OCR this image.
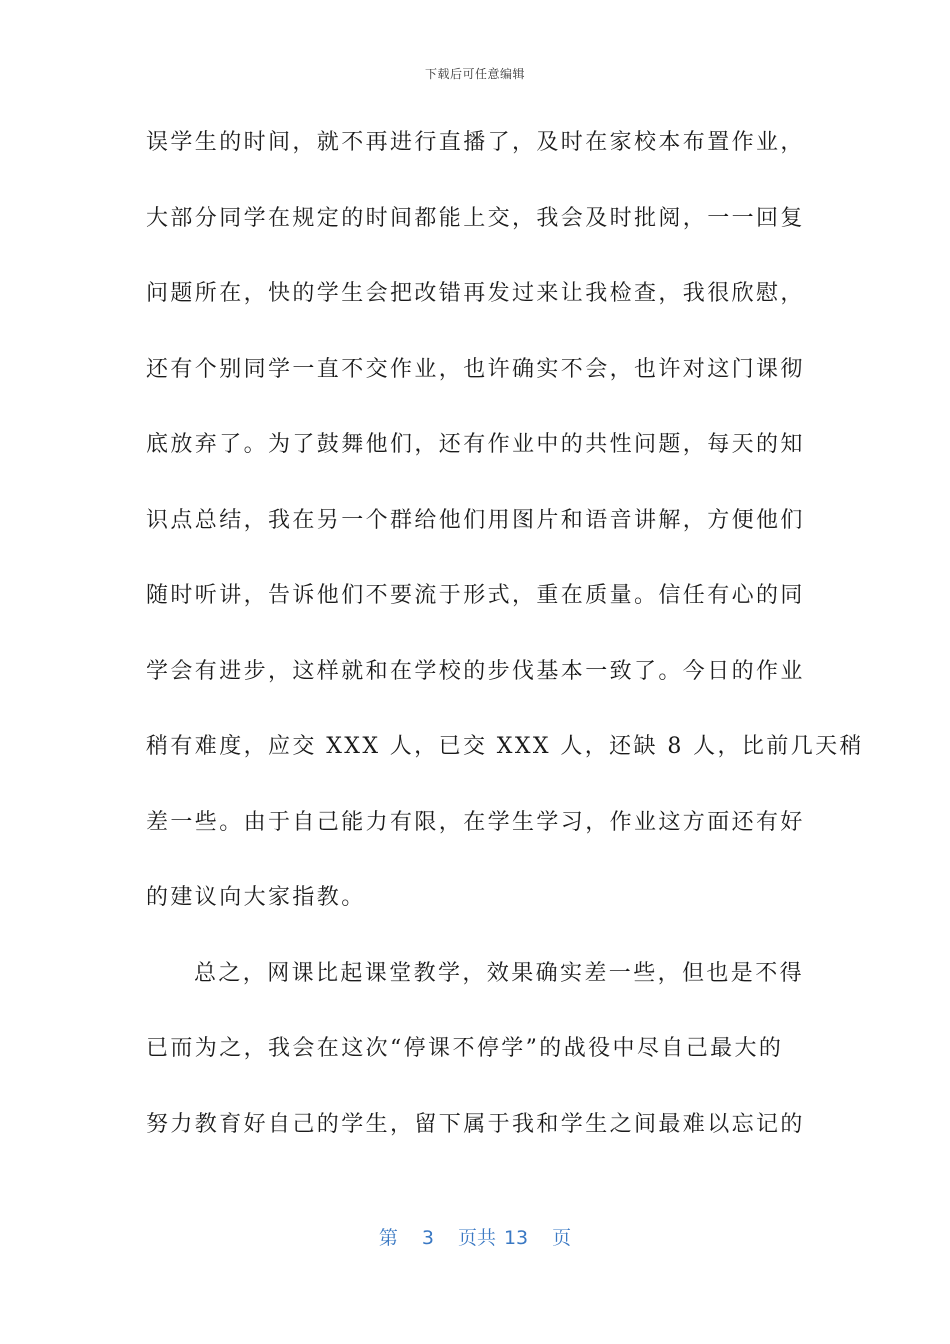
下载后可任意编辑
误学生的时间，就不再进行直播了，及时在家校本布置作业，
大部分同学在规定的时间都能上交，我会及时批阅，一一回复
问题所在，快的学生会把改错再发过来让我检查，我很欣慰，
还有个别同学一直不交作业，也许确实不会，也许对这门课彻
底放弃了。为了鼓舞他们，还有作业中的共性问题，每天的知
识点总结，我在另一个群给他们用图片和语音讲解，方便他们
随时听讲，告诉他们不要流于形式，重在质量。信任有心的同
学会有进步，这样就和在学校的步伐基本一致了。今日的作业
稍有难度，应交 XXX 人，已交 XXX 人，还缺 8 人，比前几天稍
差一些。由于自己能力有限，在学生学习，作业这方面还有好
的建议向大家指教。
总之，网课比起课堂教学，效果确实差一些，但也是不得
已而为之，我会在这次“停课不停学”的战役中尽自己最大的
努力教育好自己的学生，留下属于我和学生之间最难以忘记的
第 3 页共 13 页
